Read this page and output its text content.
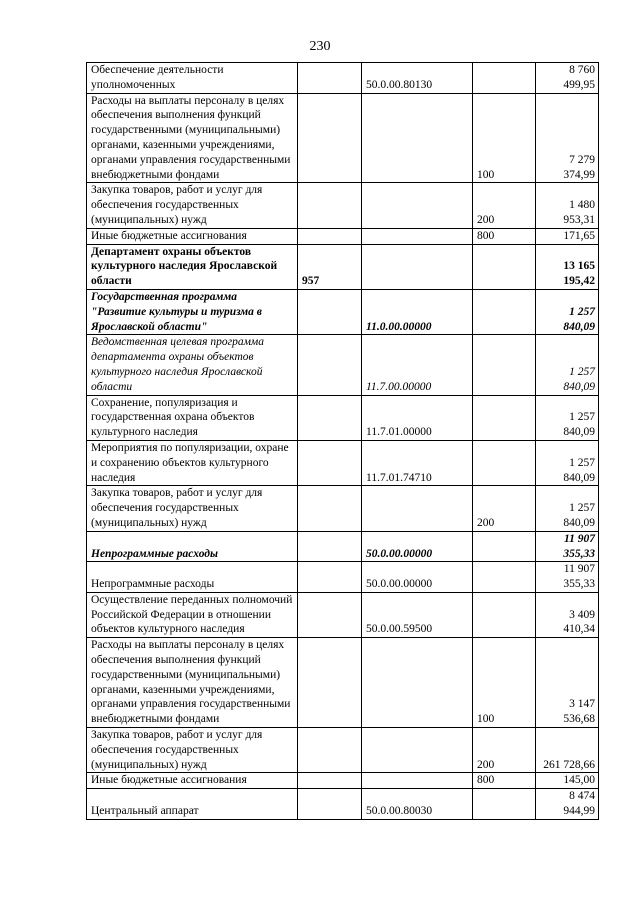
230
Обеспечение деятельности уполномоченных		50.0.00.80130		8 760 499,95
Расходы на выплаты персоналу в целях обеспечения выполнения функций государственными (муниципальными) органами, казенными учреждениями, органами управления государственными внебюджетными фондами			100	7 279 374,99
Закупка товаров, работ и услуг для обеспечения государственных (муниципальных) нужд			200	1 480 953,31
Иные бюджетные ассигнования			800	171,65
Департамент охраны объектов культурного наследия Ярославской области	957			13 165 195,42
Государственная программа "Развитие культуры и туризма в Ярославской области"		11.0.00.00000		1 257 840,09
Ведомственная целевая программа департамента охраны объектов культурного наследия Ярославской области		11.7.00.00000		1 257 840,09
Сохранение, популяризация и государственная охрана объектов культурного наследия		11.7.01.00000		1 257 840,09
Мероприятия по популяризации, охране и сохранению объектов культурного наследия		11.7.01.74710		1 257 840,09
Закупка товаров, работ и услуг для обеспечения государственных (муниципальных) нужд			200	1 257 840,09
Непрограммные расходы		50.0.00.00000		11 907 355,33
Непрограммные расходы		50.0.00.00000		11 907 355,33
Осуществление переданных полномочий Российской Федерации в отношении объектов культурного наследия		50.0.00.59500		3 409 410,34
Расходы на выплаты персоналу в целях обеспечения выполнения функций государственными (муниципальными) органами, казенными учреждениями, органами управления государственными внебюджетными фондами			100	3 147 536,68
Закупка товаров, работ и услуг для обеспечения государственных (муниципальных) нужд			200	261 728,66
Иные бюджетные ассигнования			800	145,00
Центральный аппарат		50.0.00.80030		8 474 944,99
